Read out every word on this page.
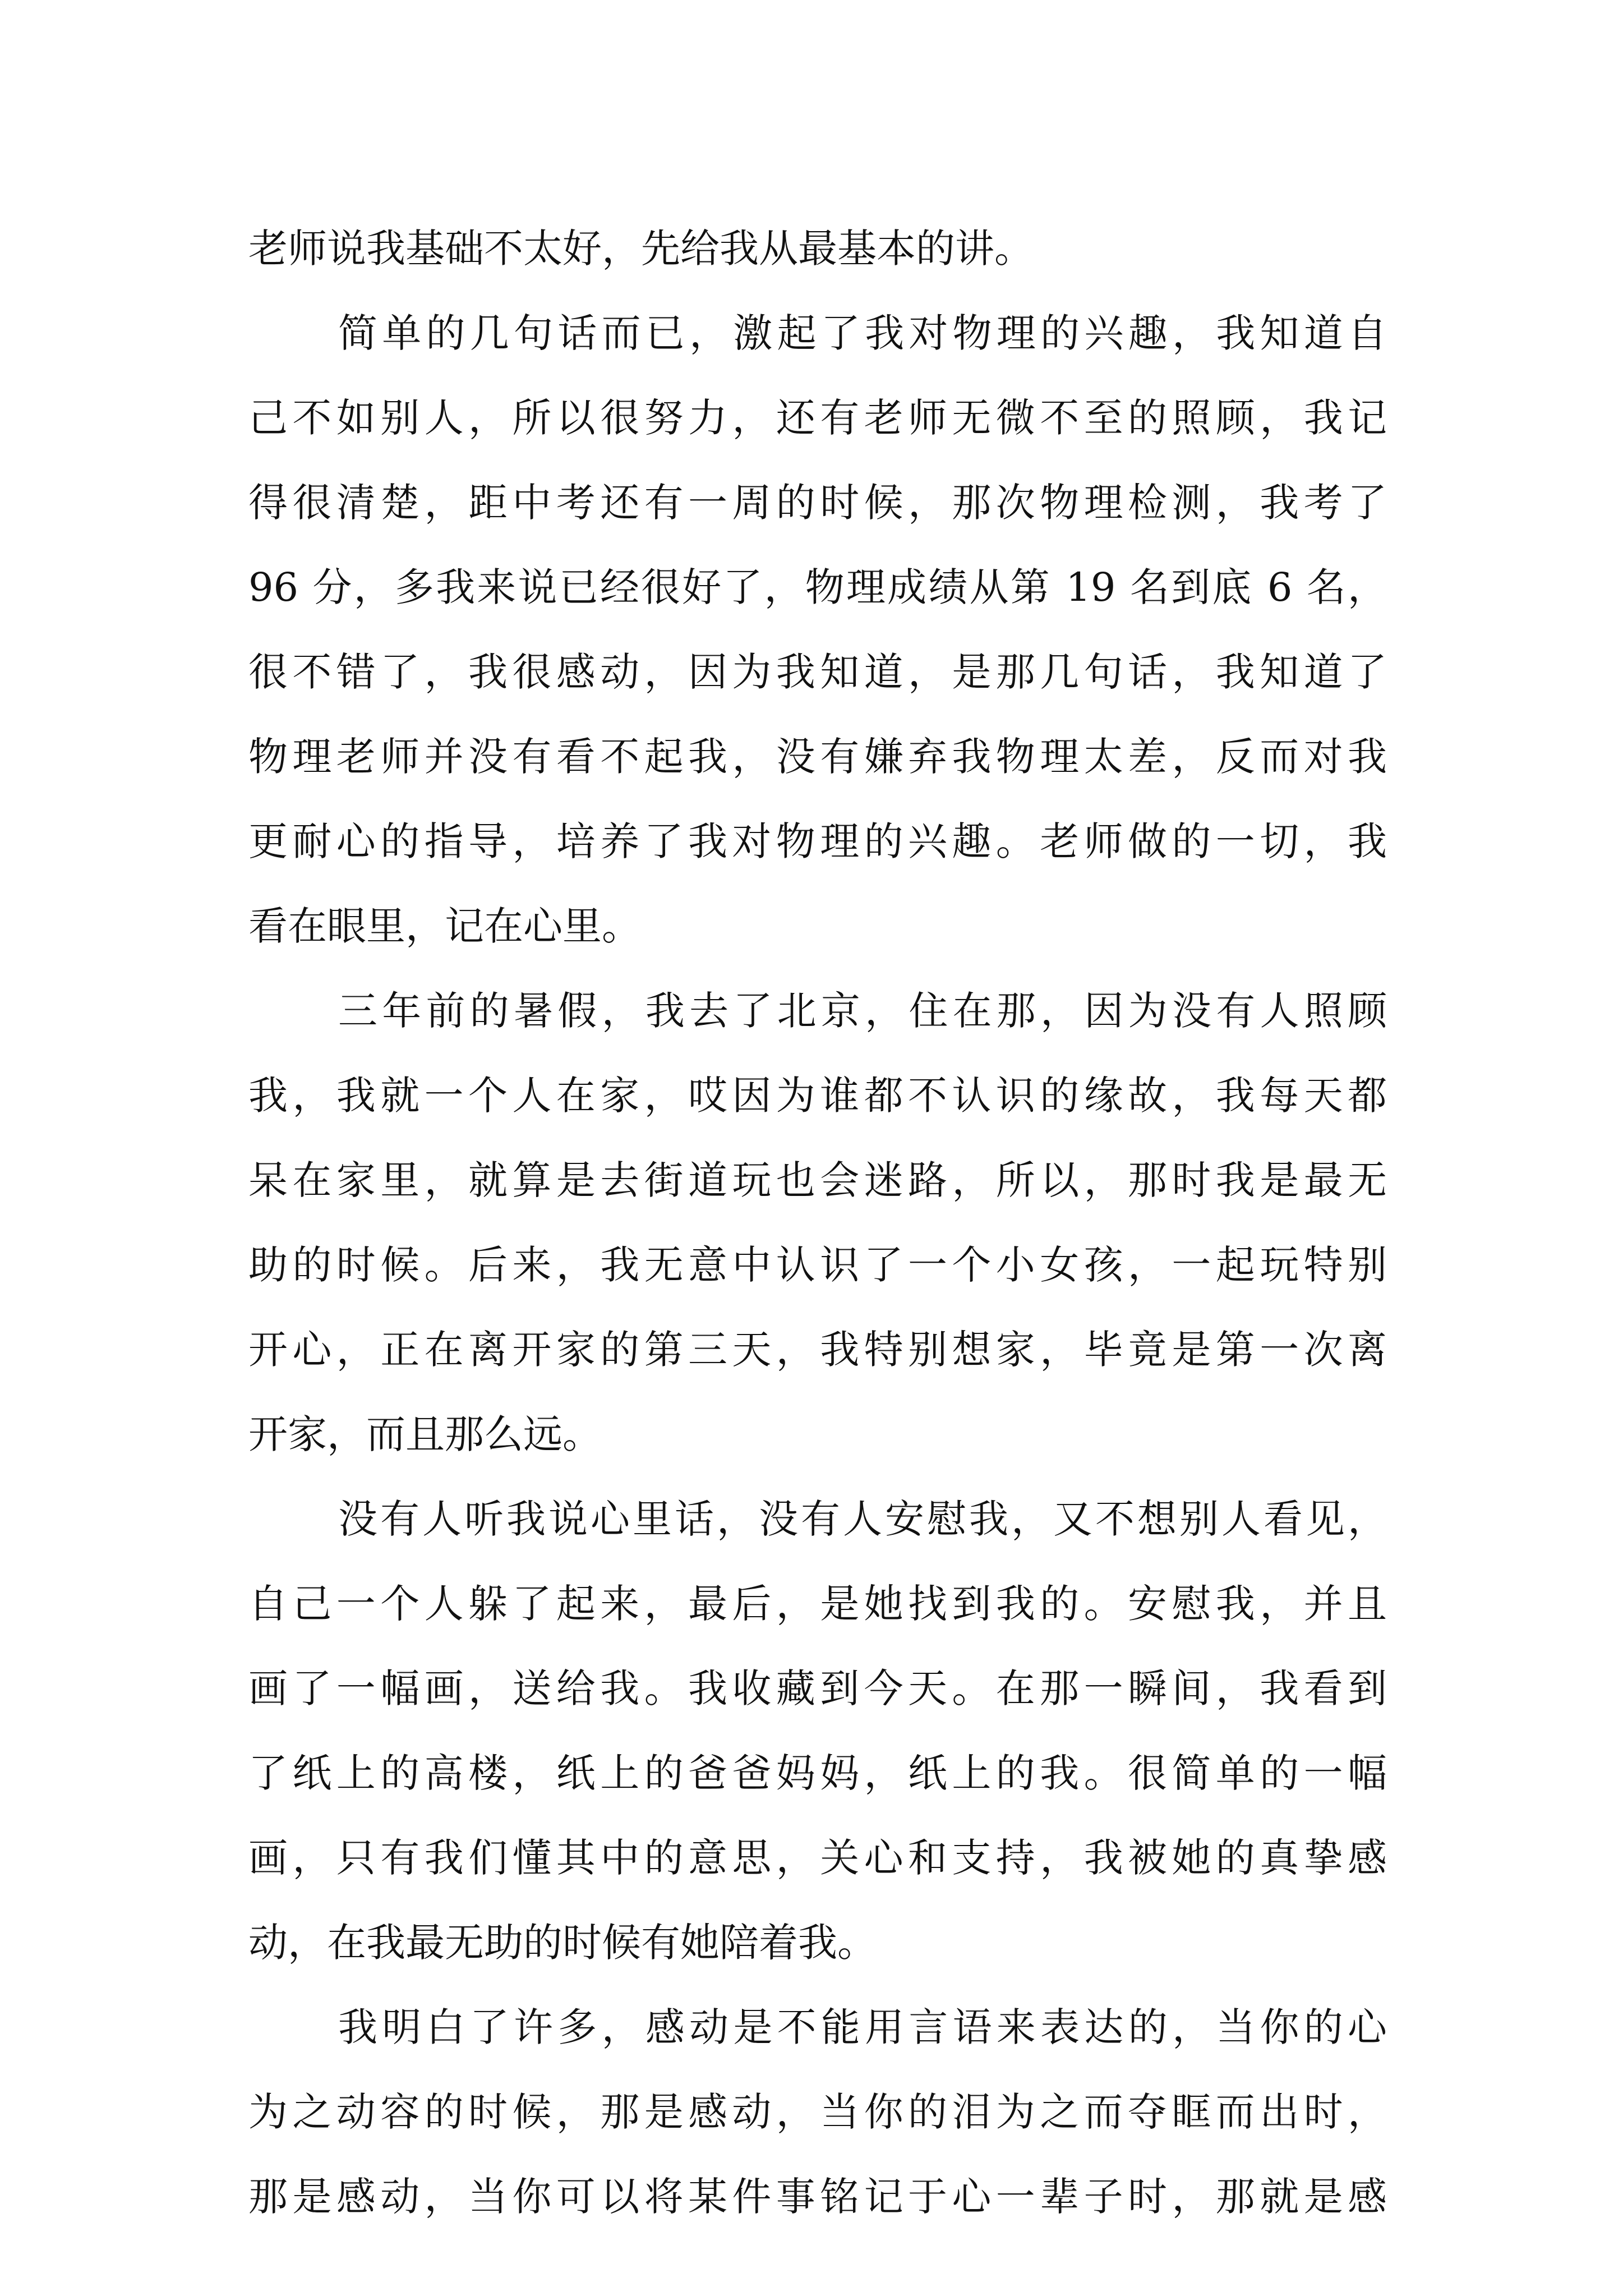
老师说我基础不太好，先给我从最基本的讲。
简单的几句话而已，激起了我对物理的兴趣，我知道自
己不如别人，所以很努力，还有老师无微不至的照顾，我记
得很清楚，距中考还有一周的时候，那次物理检测，我考了
96 分，多我来说已经很好了，物理成绩从第 19 名到底 6 名，
很不错了，我很感动，因为我知道，是那几句话，我知道了
物理老师并没有看不起我，没有嫌弃我物理太差，反而对我
更耐心的指导，培养了我对物理的兴趣。老师做的一切，我
看在眼里，记在心里。
三年前的暑假，我去了北京，住在那，因为没有人照顾
我，我就一个人在家，哎因为谁都不认识的缘故，我每天都
呆在家里，就算是去街道玩也会迷路，所以，那时我是最无
助的时候。后来，我无意中认识了一个小女孩，一起玩特别
开心，正在离开家的第三天，我特别想家，毕竟是第一次离
开家，而且那么远。
没有人听我说心里话，没有人安慰我，又不想别人看见，
自己一个人躲了起来，最后，是她找到我的。安慰我，并且
画了一幅画，送给我。我收藏到今天。在那一瞬间，我看到
了纸上的高楼，纸上的爸爸妈妈，纸上的我。很简单的一幅
画，只有我们懂其中的意思，关心和支持，我被她的真挚感
动，在我最无助的时候有她陪着我。
我明白了许多，感动是不能用言语来表达的，当你的心
为之动容的时候，那是感动，当你的泪为之而夺眶而出时，
那是感动，当你可以将某件事铭记于心一辈子时，那就是感
